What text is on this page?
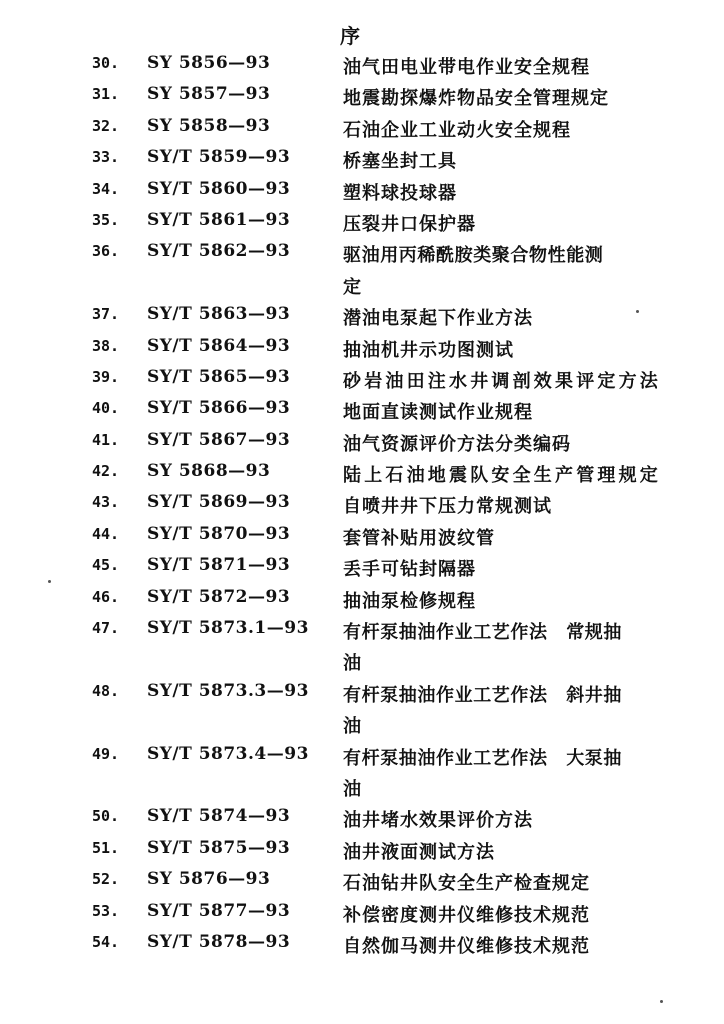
序
30. SY 5856—93	油气田电业带电作业安全规程
31. SY 5857—93	地震勘探爆炸物品安全管理规定
32. SY 5858—93	石油企业工业动火安全规程
33. SY/T 5859—93	桥塞坐封工具
34. SY/T 5860—93	塑料球投球器
35. SY/T 5861—93	压裂井口保护器
36. SY/T 5862—93	驱油用丙稀酰胺类聚合物性能测
定
37. SY/T 5863—93	潜油电泵起下作业方法
38. SY/T 5864—93	抽油机井示功图测试
39. SY/T 5865—93	砂岩油田注水井调剖效果评定方法
40. SY/T 5866—93	地面直读测试作业规程
41. SY/T 5867—93	油气资源评价方法分类编码
42. SY 5868—93	陆上石油地震队安全生产管理规定
43. SY/T 5869—93	自喷井井下压力常规测试
44. SY/T 5870—93	套管补贴用波纹管
45. SY/T 5871—93	丢手可钻封隔器
46. SY/T 5872—93	抽油泵检修规程
47. SY/T 5873.1—93 有杆泵抽油作业工艺作法　常规抽
油
48. SY/T 5873.3—93 有杆泵抽油作业工艺作法　斜井抽
油
49. SY/T 5873.4—93 有杆泵抽油作业工艺作法　大泵抽
油
50. SY/T 5874—93	油井堵水效果评价方法
51. SY/T 5875—93	油井液面测试方法
52. SY 5876—93	石油钻井队安全生产检查规定
53. SY/T 5877—93	补偿密度测井仪维修技术规范
54. SY/T 5878—93	自然伽马测井仪维修技术规范
